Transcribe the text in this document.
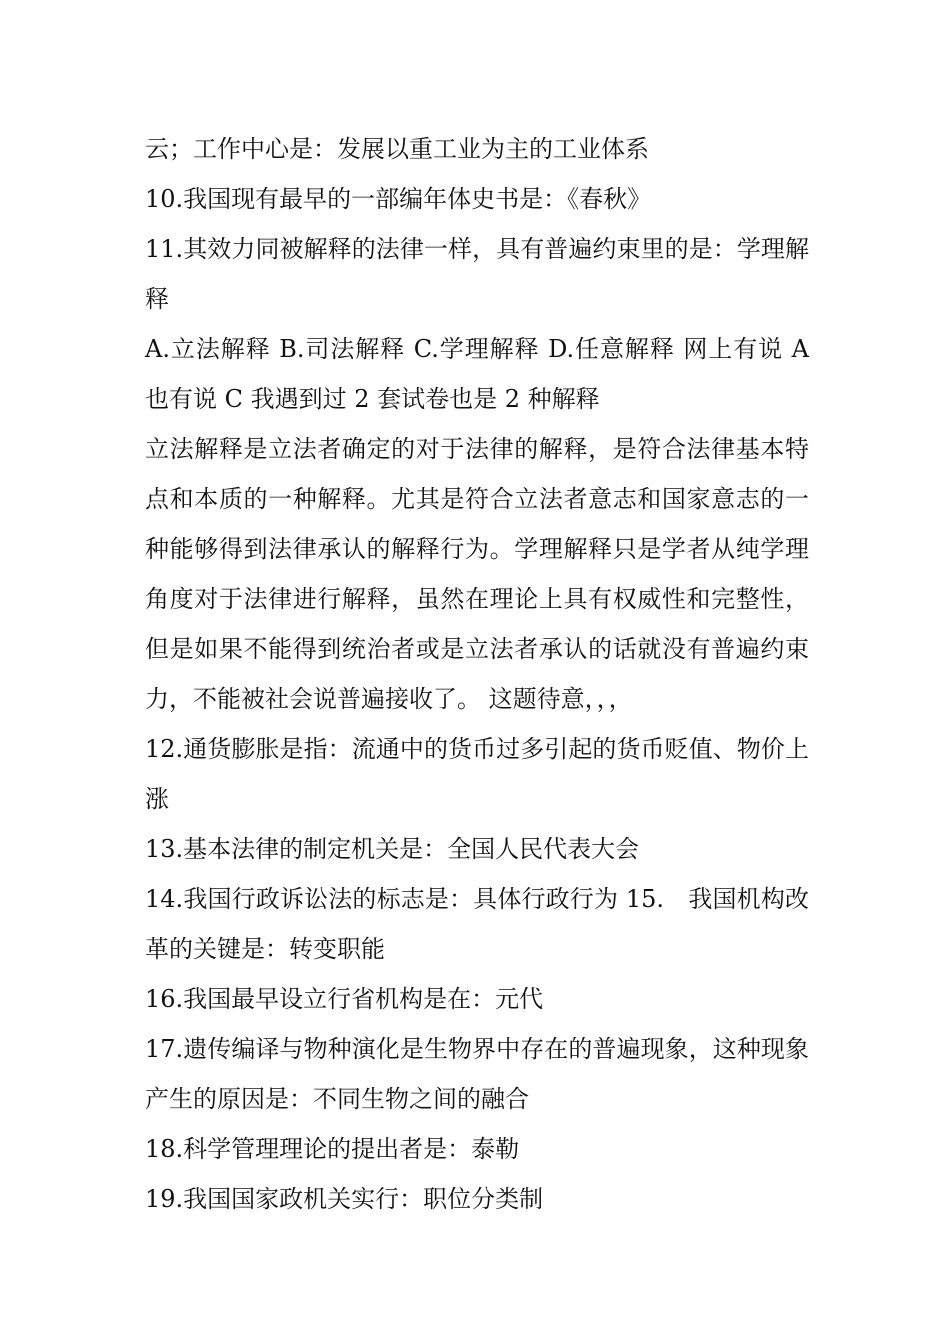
云；工作中心是：发展以重工业为主的工业体系

10.我国现有最早的一部编年体史书是：《春秋》

11.其效力同被解释的法律一样，具有普遍约束里的是：学理解释

A.立法解释 B.司法解释 C.学理解释 D.任意解释 网上有说 A 也有说 C 我遇到过 2 套试卷也是 2 种解释

立法解释是立法者确定的对于法律的解释，是符合法律基本特点和本质的一种解释。尤其是符合立法者意志和国家意志的一种能够得到法律承认的解释行为。学理解释只是学者从纯学理角度对于法律进行解释，虽然在理论上具有权威性和完整性，但是如果不能得到统治者或是立法者承认的话就没有普遍约束力，不能被社会说普遍接收了。 这题待意，，，

12.通货膨胀是指：流通中的货币过多引起的货币贬值、物价上涨

13.基本法律的制定机关是：全国人民代表大会

14.我国行政诉讼法的标志是：具体行政行为 15.　我国机构改革的关键是：转变职能

16.我国最早设立行省机构是在：元代

17.遗传编译与物种演化是生物界中存在的普遍现象，这种现象产生的原因是：不同生物之间的融合

18.科学管理理论的提出者是：泰勒

19.我国国家政机关实行：职位分类制
